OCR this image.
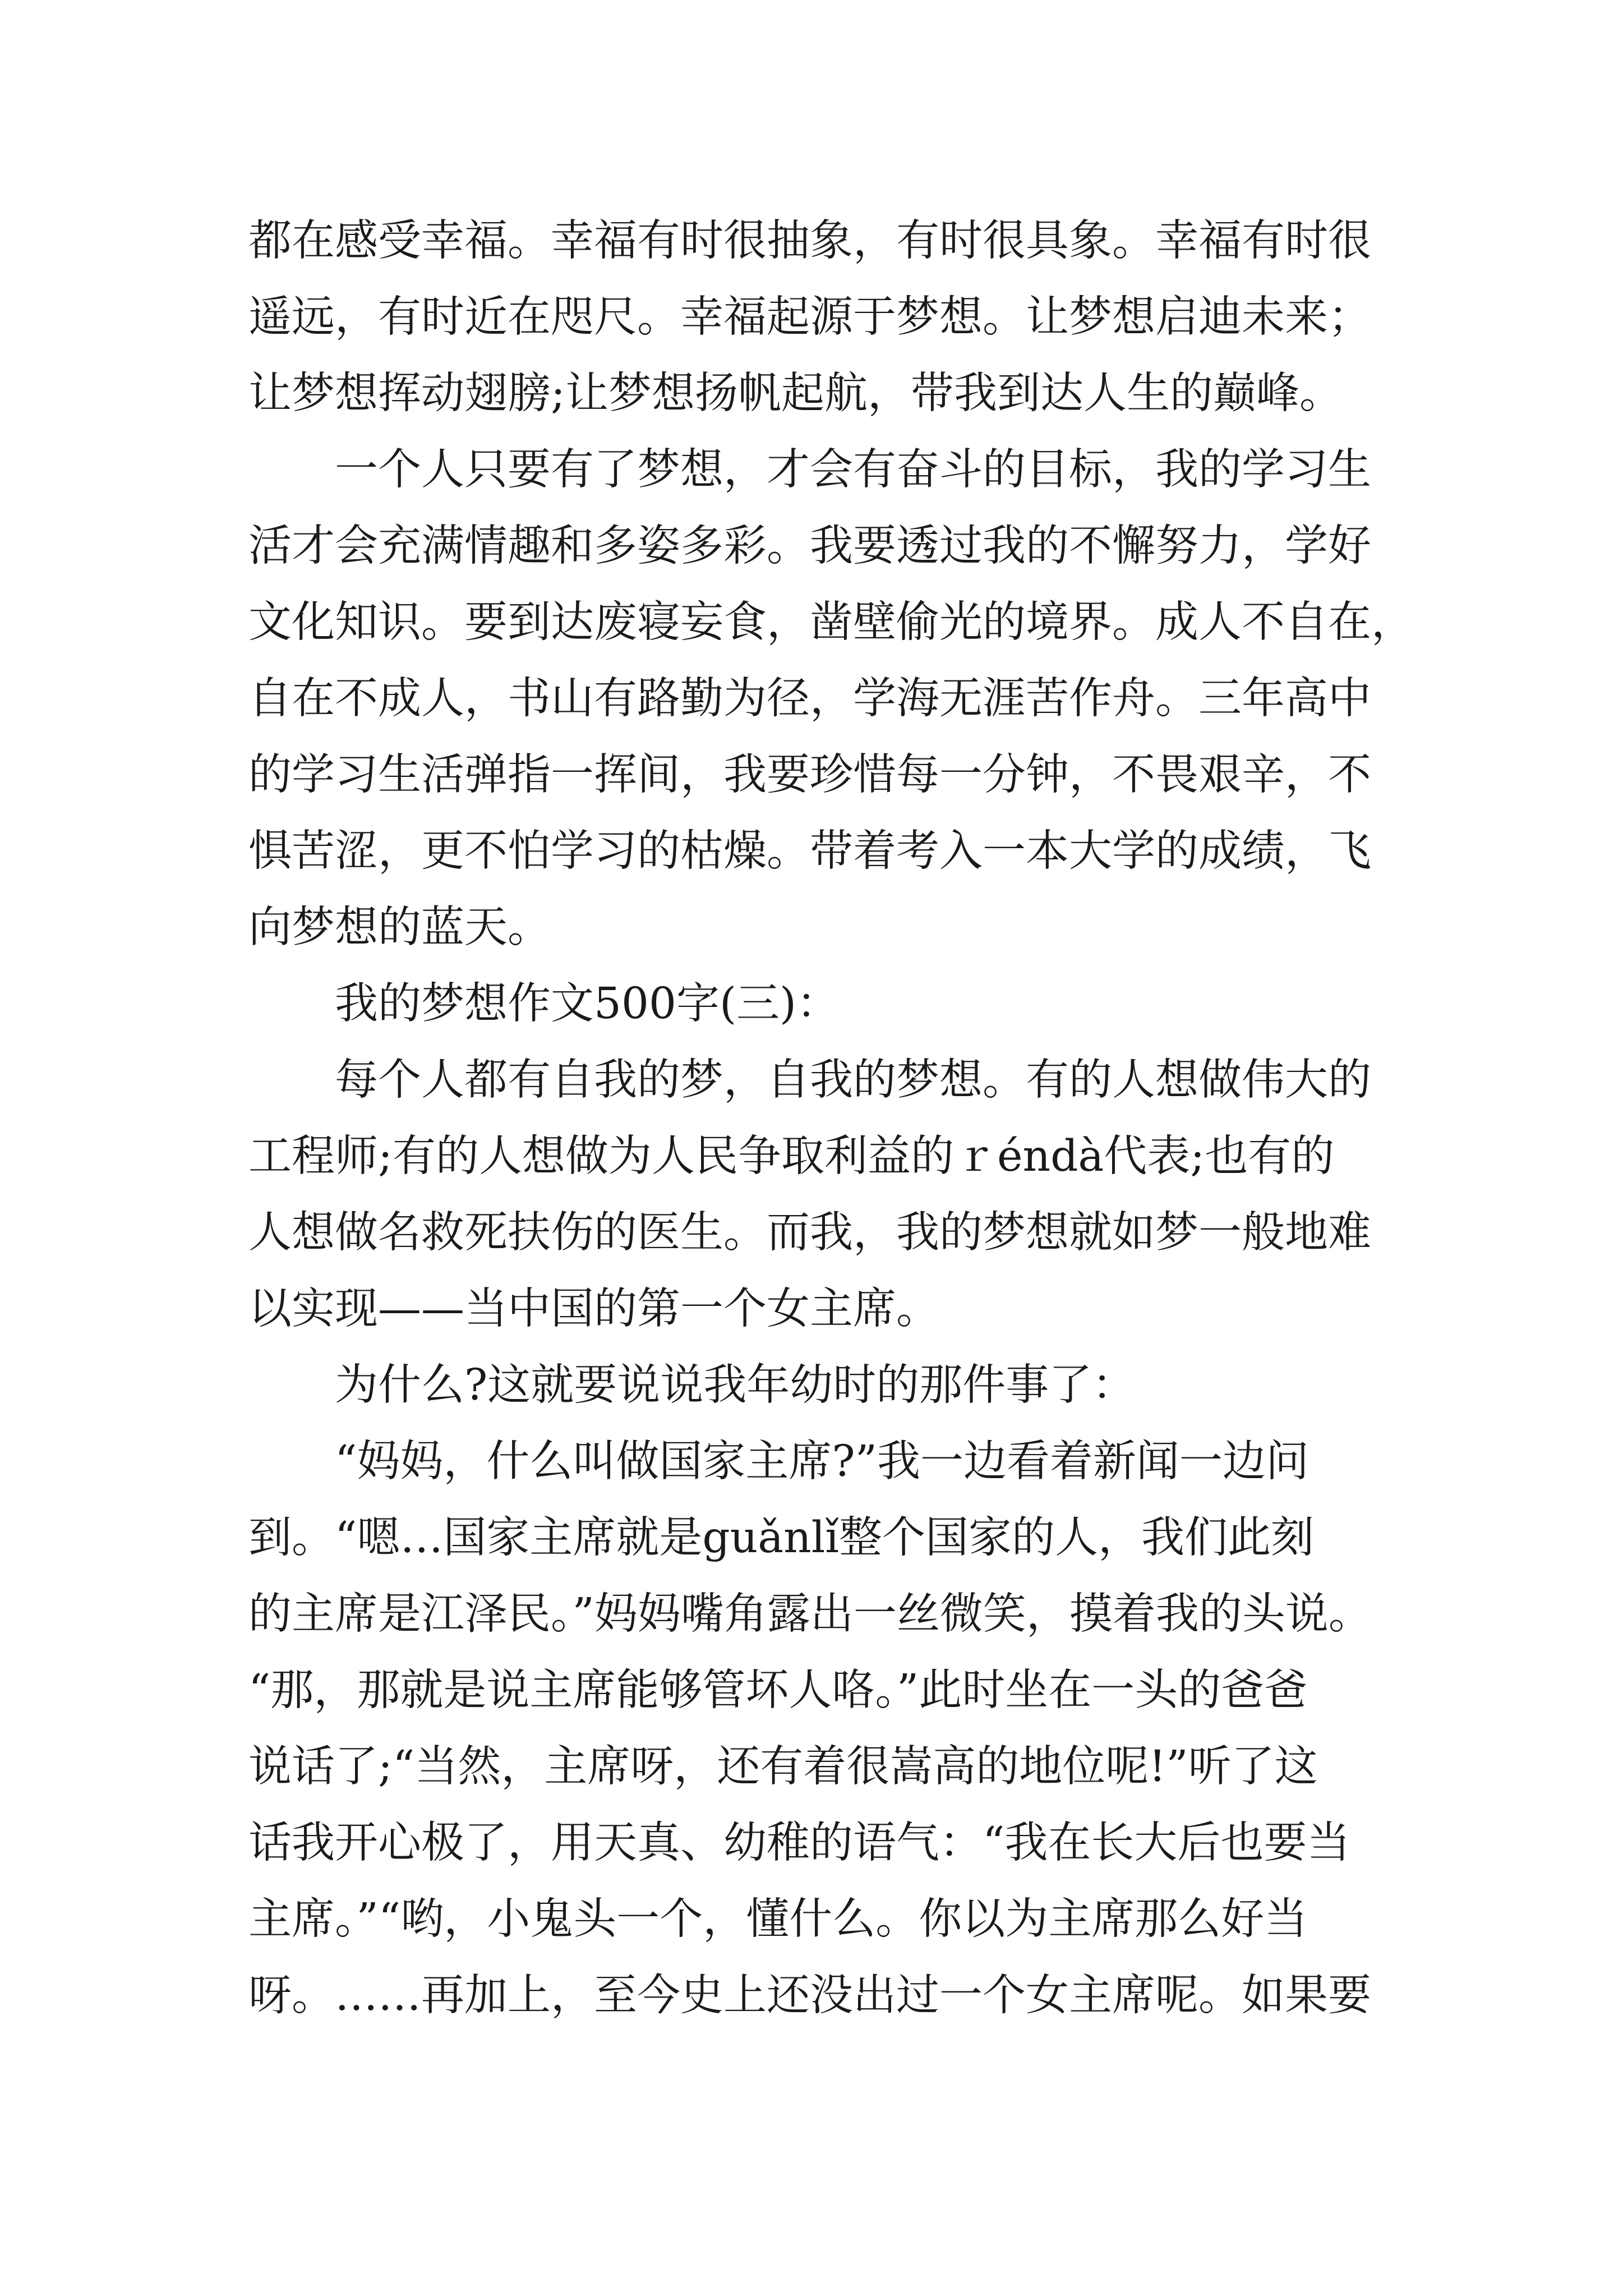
都在感受幸福。幸福有时很抽象，有时很具象。幸福有时很
遥远，有时近在咫尺。幸福起源于梦想。让梦想启迪未来；
让梦想挥动翅膀;让梦想扬帆起航，带我到达人生的巅峰。
一个人只要有了梦想，才会有奋斗的目标，我的学习生
活才会充满情趣和多姿多彩。我要透过我的不懈努力，学好
文化知识。要到达废寝妄食，凿壁偷光的境界。成人不自在，
自在不成人，书山有路勤为径，学海无涯苦作舟。三年高中
的学习生活弹指一挥间，我要珍惜每一分钟，不畏艰辛，不
惧苦涩，更不怕学习的枯燥。带着考入一本大学的成绩，飞
向梦想的蓝天。
我的梦想作文500字(三)：
每个人都有自我的梦，自我的梦想。有的人想做伟大的
工程师;有的人想做为人民争取利益的ｒéndà代表;也有的
人想做名救死扶伤的医生。而我，我的梦想就如梦一般地难
以实现——当中国的第一个女主席。
为什么?这就要说说我年幼时的那件事了：
“妈妈，什么叫做国家主席?”我一边看着新闻一边问
到。“嗯…国家主席就是guǎnlǐ整个国家的人，我们此刻
的主席是江泽民。”妈妈嘴角露出一丝微笑，摸着我的头说。
“那，那就是说主席能够管坏人咯。”此时坐在一头的爸爸
说话了;“当然，主席呀，还有着很嵩高的地位呢!”听了这
话我开心极了，用天真、幼稚的语气：“我在长大后也要当
主席。”“哟，小鬼头一个，懂什么。你以为主席那么好当
呀。……再加上，至今史上还没出过一个女主席呢。如果要
